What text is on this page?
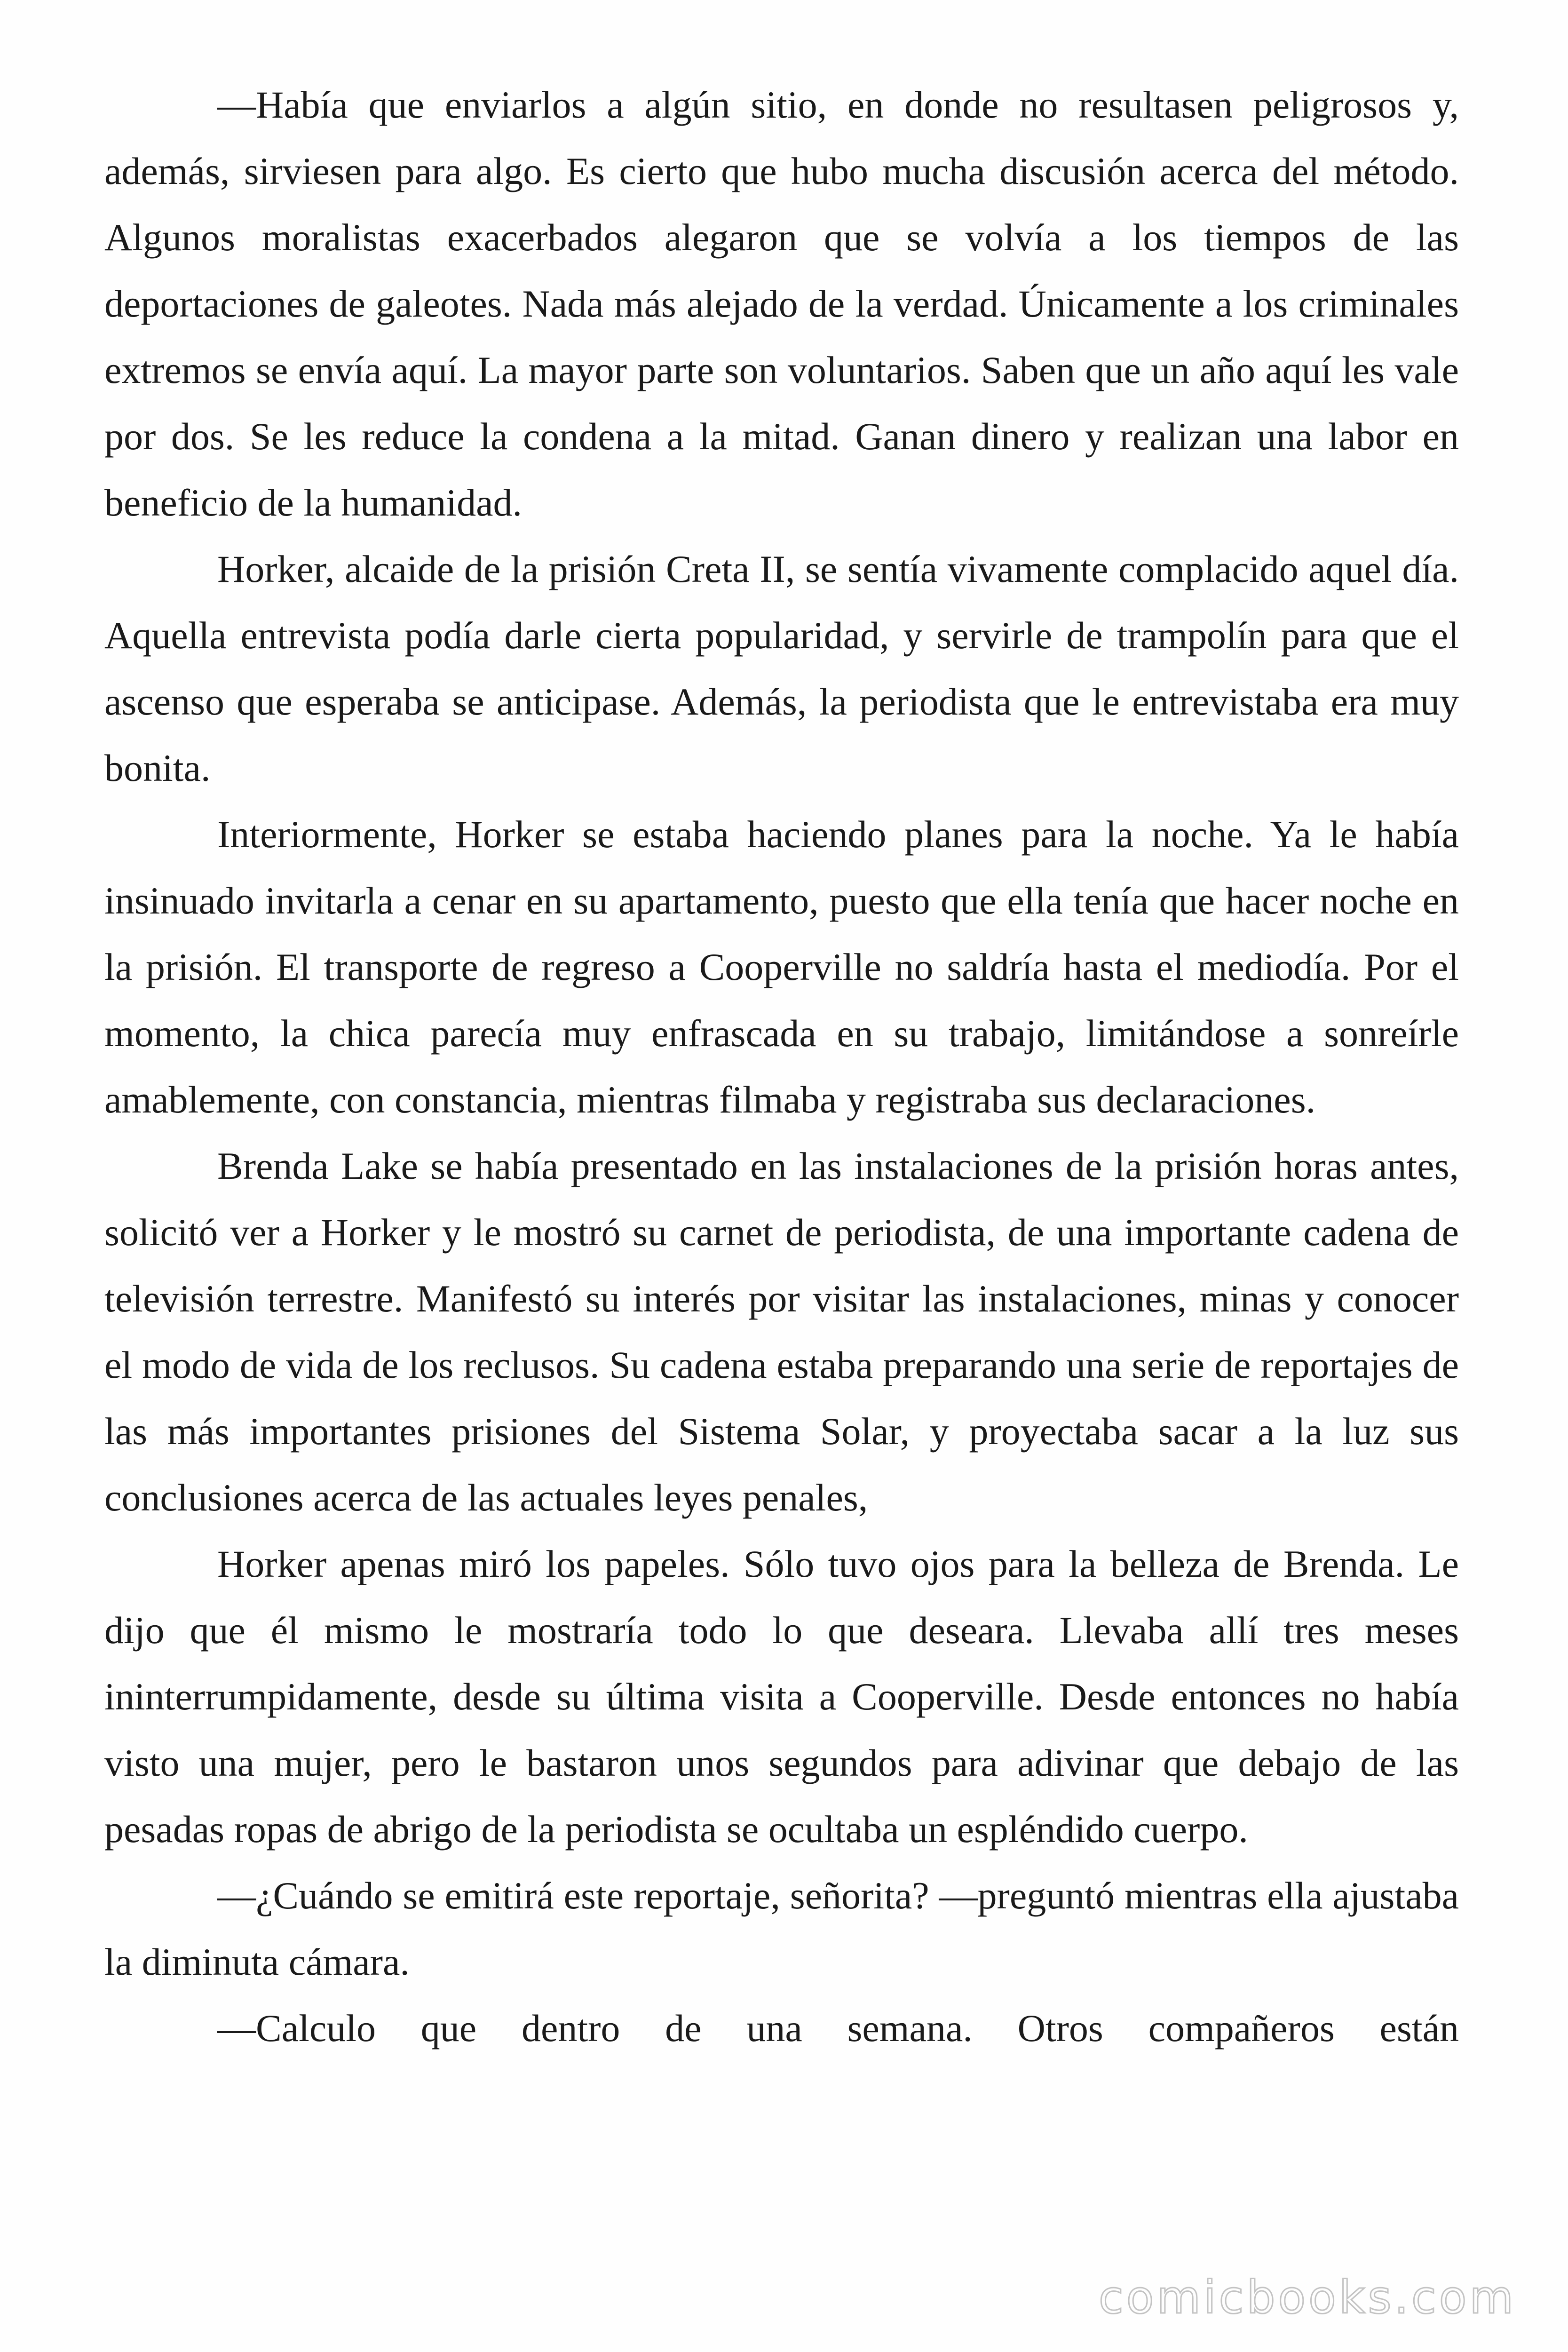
—Había que enviarlos a algún sitio, en donde no resultasen peligrosos y, además, sirviesen para algo. Es cierto que hubo mucha discusión acerca del método. Algunos moralistas exacerbados alegaron que se volvía a los tiempos de las deportaciones de galeotes. Nada más alejado de la verdad. Únicamente a los criminales extremos se envía aquí. La mayor parte son voluntarios. Saben que un año aquí les vale por dos. Se les reduce la condena a la mitad. Ganan dinero y realizan una labor en beneficio de la humanidad.

Horker, alcaide de la prisión Creta II, se sentía vivamente complacido aquel día. Aquella entrevista podía darle cierta popularidad, y servirle de trampolín para que el ascenso que esperaba se anticipase. Además, la periodista que le entrevistaba era muy bonita.

Interiormente, Horker se estaba haciendo planes para la noche. Ya le había insinuado invitarla a cenar en su apartamento, puesto que ella tenía que hacer noche en la prisión. El transporte de regreso a Cooperville no saldría hasta el mediodía. Por el momento, la chica parecía muy enfrascada en su trabajo, limitándose a sonreírle amablemente, con constancia, mientras filmaba y registraba sus declaraciones.

Brenda Lake se había presentado en las instalaciones de la prisión horas antes, solicitó ver a Horker y le mostró su carnet de periodista, de una importante cadena de televisión terrestre. Manifestó su interés por visitar las instalaciones, minas y conocer el modo de vida de los reclusos. Su cadena estaba preparando una serie de reportajes de las más importantes prisiones del Sistema Solar, y proyectaba sacar a la luz sus conclusiones acerca de las actuales leyes penales,

Horker apenas miró los papeles. Sólo tuvo ojos para la belleza de Brenda. Le dijo que él mismo le mostraría todo lo que deseara. Llevaba allí tres meses ininterrumpidamente, desde su última visita a Cooperville. Desde entonces no había visto una mujer, pero le bastaron unos segundos para adivinar que debajo de las pesadas ropas de abrigo de la periodista se ocultaba un espléndido cuerpo.

—¿Cuándo se emitirá este reportaje, señorita? —preguntó mientras ella ajustaba la diminuta cámara.

—Calculo que dentro de una semana. Otros compañeros están

comicbooks.com
